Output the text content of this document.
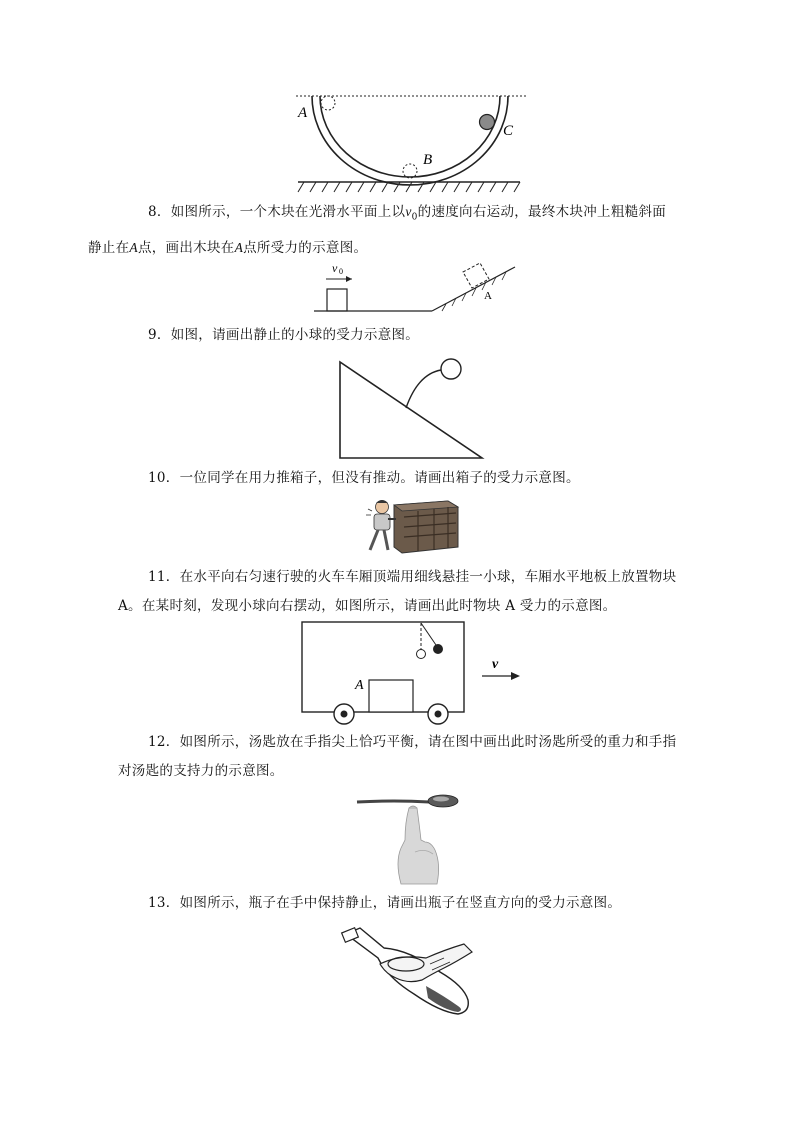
A
B
C
8．如图所示，一个木块在光滑水平面上以$v_0$的速度向右运动，最终木块冲上粗糙斜面
静止在A点，画出木块在A点所受力的示意图。
v 0
A
9．如图，请画出静止的小球的受力示意图。
10．一位同学在用力推箱子，但没有推动。请画出箱子的受力示意图。
11．在水平向右匀速行驶的火车车厢顶端用细线悬挂一小球，车厢水平地板上放置物块A。在某时刻，发现小球向右摆动，如图所示，请画出此时物块 A 受力的示意图。
A
v
12．如图所示，汤匙放在手指尖上恰巧平衡，请在图中画出此时汤匙所受的重力和手指对汤匙的支持力的示意图。
13．如图所示，瓶子在手中保持静止，请画出瓶子在竖直方向的受力示意图。
